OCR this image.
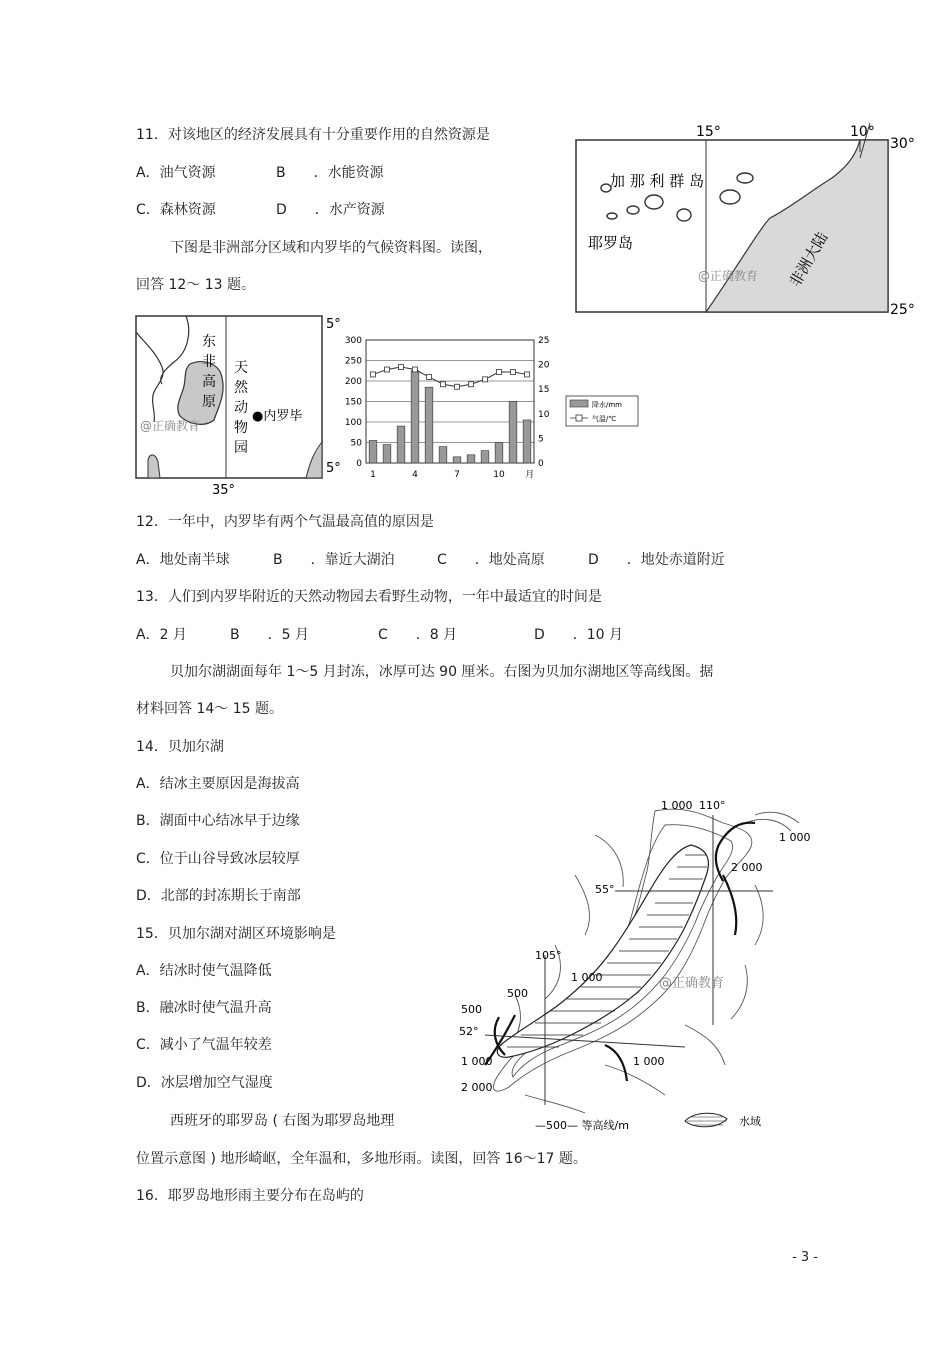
11．对该地区的经济发展具有十分重要作用的自然资源是
A．油气资源	B　　．水能资源
C．森林资源	D　　．水产资源
下图是非洲部分区域和内罗毕的气候资料图。读图，
回答 12～ 13 题。
15°	10°
30°
25°
加 那 利 群 岛
耶罗岛
@正确教育 非洲大陆
东
非
高
原
天
然
动
物
园
●内罗毕
@正确教育
5°
5°
35°
0
50
100
150
200
250
300
0
5
10
15
20
25
1	4	7	10 月
降水/mm
气温/℃
12．一年中，内罗毕有两个气温最高值的原因是
A．地处南半球	B　　．靠近大湖泊	C　　．地处高原	D　　．地处赤道附近
13．人们到内罗毕附近的天然动物园去看野生动物，一年中最适宜的时间是
A．2 月	B　　．5 月	C　　．8 月	D　　．10 月
贝加尔湖湖面每年 1～5 月封冻，冰厚可达 90 厘米。右图为贝加尔湖地区等高线图。据
材料回答 14～ 15 题。
14．贝加尔湖
A．结冰主要原因是海拔高
B．湖面中心结冰早于边缘
C．位于山谷导致冰层较厚
D．北部的封冻期长于南部
15．贝加尔湖对湖区环境影响是
A．结冰时使气温降低
B．融冰时使气温升高
C．减小了气温年较差
D．冰层增加空气湿度
1 000 110°
1 000
2 000
55°
105°
1 000
500
500
52°
1 000	1 000
2 000
@正确教育
—500— 等高线/m	水域
西班牙的耶罗岛 ( 右图为耶罗岛地理
位置示意图 ) 地形崎岖，全年温和，多地形雨。读图，回答 16～17 题。
16．耶罗岛地形雨主要分布在岛屿的
- 3 -
